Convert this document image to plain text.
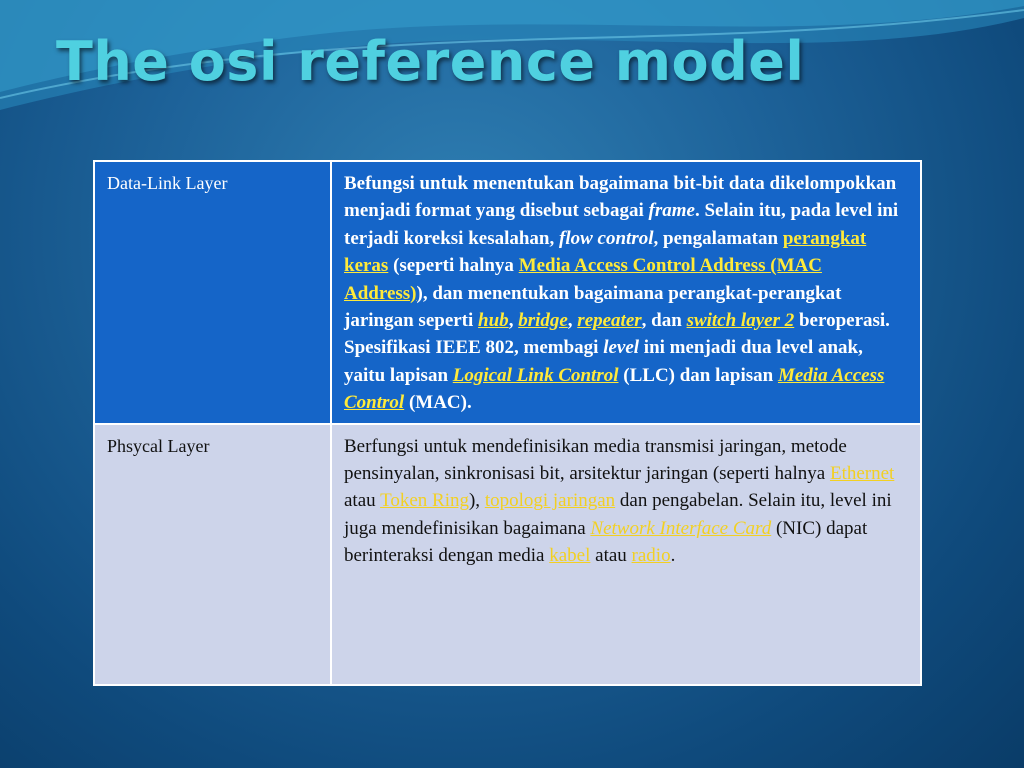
The osi reference model
Data-Link Layer	Befungsi untuk menentukan bagaimana bit-bit data dikelompokkan menjadi format yang disebut sebagai frame. Selain itu, pada level ini terjadi koreksi kesalahan, flow control, pengalamatan perangkat keras (seperti halnya Media Access Control Address (MAC Address)), dan menentukan bagaimana perangkat-perangkat jaringan seperti hub, bridge, repeater, dan switch layer 2 beroperasi. Spesifikasi IEEE 802, membagi level ini menjadi dua level anak, yaitu lapisan Logical Link Control (LLC) dan lapisan Media Access Control (MAC).
Phsycal Layer	Berfungsi untuk mendefinisikan media transmisi jaringan, metode pensinyalan, sinkronisasi bit, arsitektur jaringan (seperti halnya Ethernet atau Token Ring), topologi jaringan dan pengabelan. Selain itu, level ini juga mendefinisikan bagaimana Network Interface Card (NIC) dapat berinteraksi dengan media kabel atau radio.
